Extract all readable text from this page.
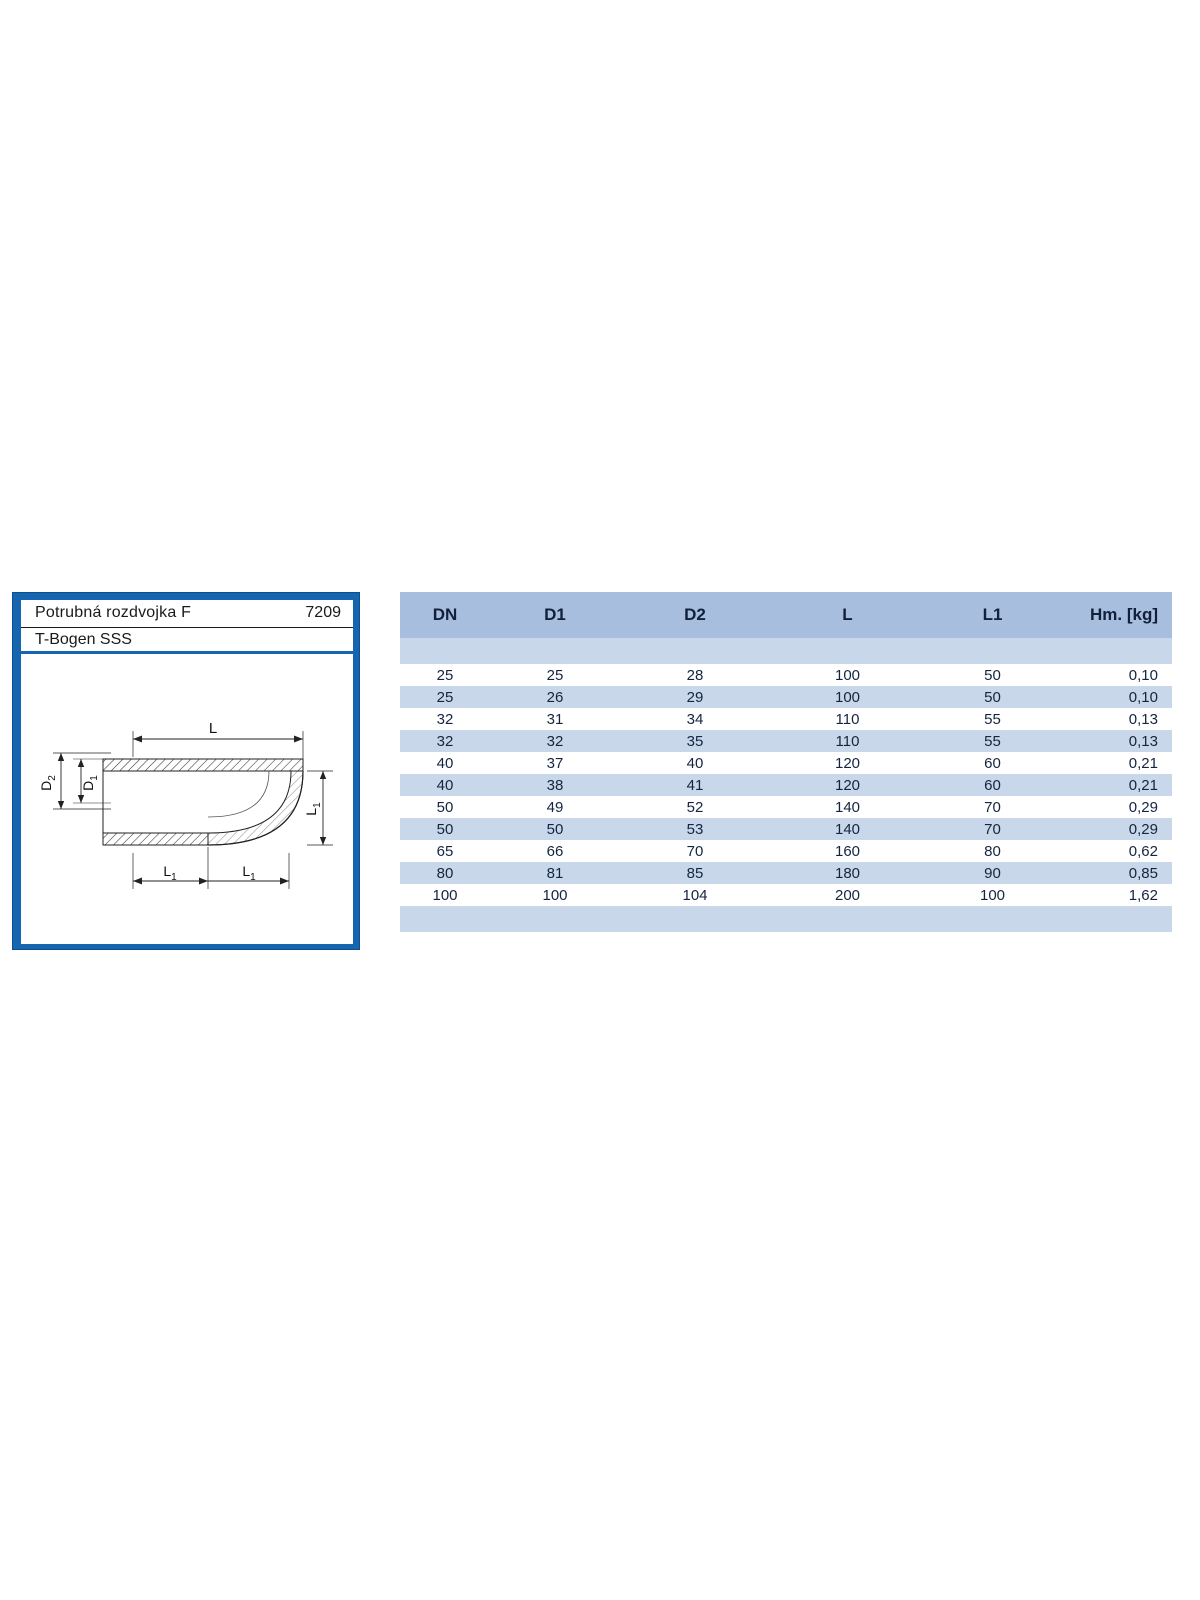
Potrubná rozdvojka F	7209
T-Bogen SSS
L
$D_1$
$D_2$
$L_1$
$L_1$	$L_1$
DN	D1	D2	L	L1	Hm. [kg]

25	25	28	100	50	0,10
25	26	29	100	50	0,10
32	31	34	110	55	0,13
32	32	35	110	55	0,13
40	37	40	120	60	0,21
40	38	41	120	60	0,21
50	49	52	140	70	0,29
50	50	53	140	70	0,29
65	66	70	160	80	0,62
80	81	85	180	90	0,85
100	100	104	200	100	1,62
